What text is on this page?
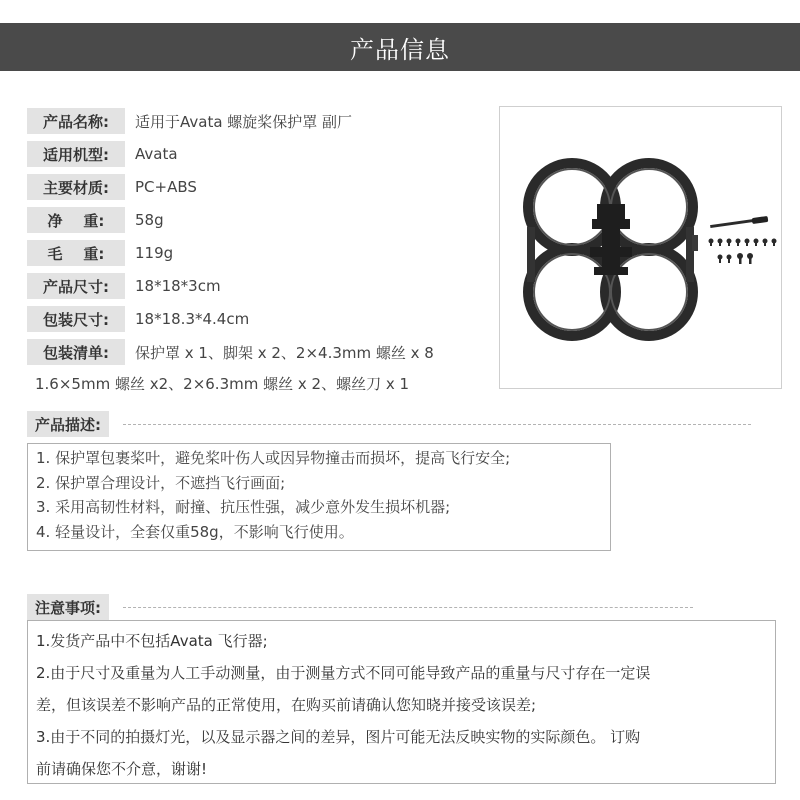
产品信息
产品名称:	适用于Avata 螺旋桨保护罩 副厂
适用机型:	Avata
主要材质:	PC+ABS
净    重:	58g
毛    重:	119g
产品尺寸:	18*18*3cm
包装尺寸:	18*18.3*4.4cm
包装清单:	保护罩 x 1、脚架 x 2、2×4.3mm 螺丝 x 8
1.6×5mm 螺丝 x2、2×6.3mm 螺丝 x 2、螺丝刀 x 1
产品描述:
1. 保护罩包裹桨叶，避免桨叶伤人或因异物撞击而损坏，提高飞行安全;
2. 保护罩合理设计，不遮挡飞行画面;
3. 采用高韧性材料，耐撞、抗压性强，减少意外发生损坏机器;
4. 轻量设计，全套仅重58g，不影响飞行使用。
注意事项:
1.发货产品中不包括Avata 飞行器;
2.由于尺寸及重量为人工手动测量，由于测量方式不同可能导致产品的重量与尺寸存在一定误
差，但该误差不影响产品的正常使用，在购买前请确认您知晓并接受该误差;
3.由于不同的拍摄灯光，以及显示器之间的差异，图片可能无法反映实物的实际颜色。 订购
前请确保您不介意，谢谢!
